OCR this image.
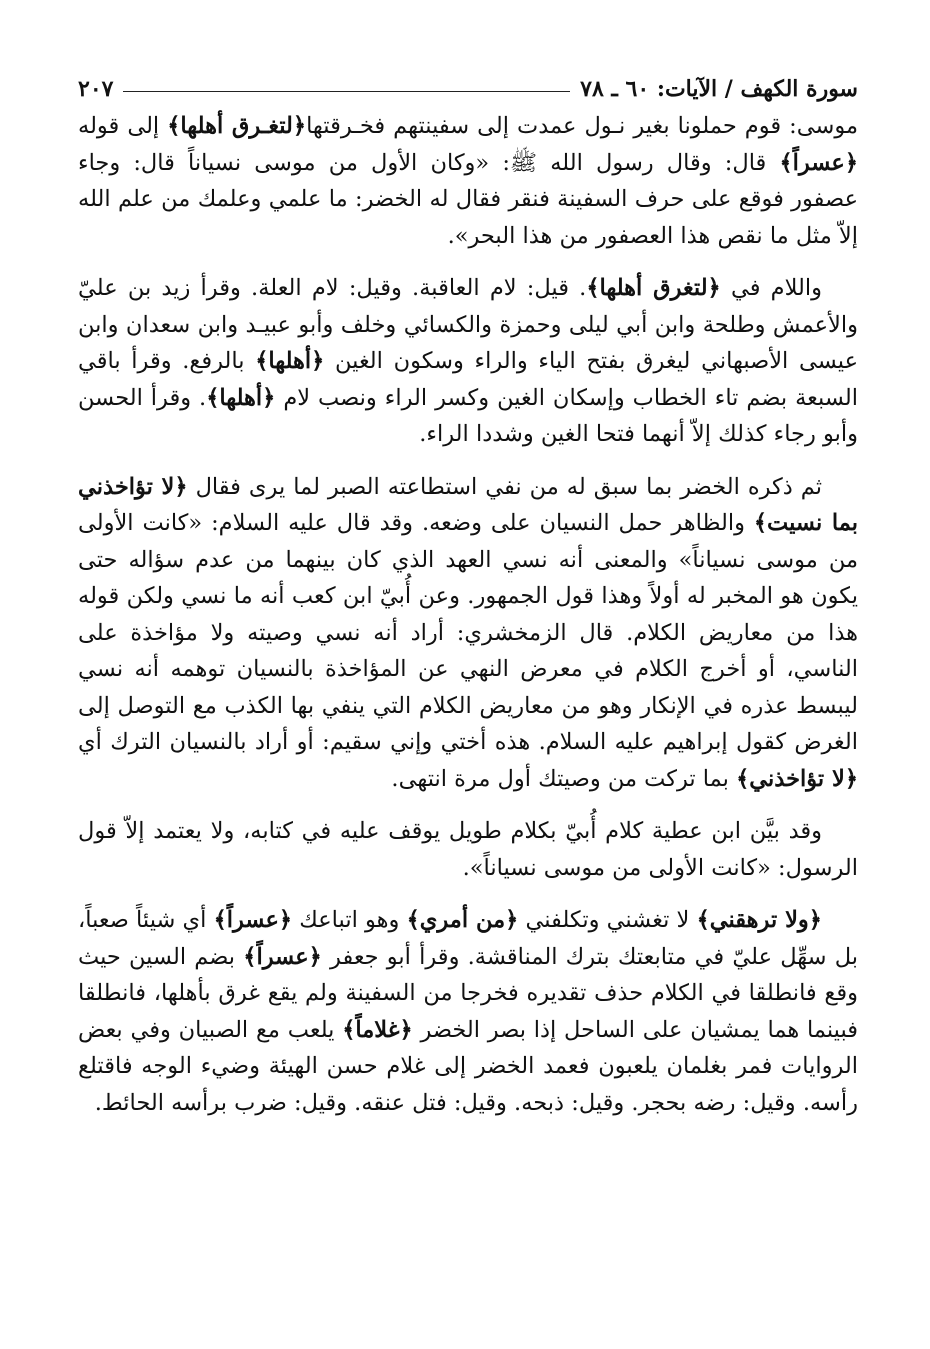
سورة الكهف / الآيات: ٦٠ ـ ٧٨
٢٠٧

موسى: قوم حملونا بغير نـول عمدت إلى سفينتهم فخـرقتها﴿لتغـرق أهلها﴾ إلى قوله ﴿عسراً﴾ قال: وقال رسول الله ﷺ: «وكان الأول من موسى نسياناً قال: وجاء عصفور فوقع على حرف السفينة فنقر فقال له الخضر: ما علمي وعلمك من علم الله إلاّ مثل ما نقص هذا العصفور من هذا البحر».

واللام في ﴿لتغرق أهلها﴾. قيل: لام العاقبة. وقيل: لام العلة. وقرأ زيد بن عليّ والأعمش وطلحة وابن أبي ليلى وحمزة والكسائي وخلف وأبو عبيـد وابن سعدان وابن عيسى الأصبهاني ليغرق بفتح الياء والراء وسكون الغين ﴿أهلها﴾ بالرفع. وقرأ باقي السبعة بضم تاء الخطاب وإسكان الغين وكسر الراء ونصب لام ﴿أهلها﴾. وقرأ الحسن وأبو رجاء كذلك إلاّ أنهما فتحا الغين وشددا الراء.

ثم ذكره الخضر بما سبق له من نفي استطاعته الصبر لما يرى فقال ﴿لا تؤاخذني بما نسيت﴾ والظاهر حمل النسيان على وضعه. وقد قال عليه السلام: «كانت الأولى من موسى نسياناً» والمعنى أنه نسي العهد الذي كان بينهما من عدم سؤاله حتى يكون هو المخبر له أولاً وهذا قول الجمهور. وعن أُبيّ ابن كعب أنه ما نسي ولكن قوله هذا من معاريض الكلام. قال الزمخشري: أراد أنه نسي وصيته ولا مؤاخذة على الناسي، أو أخرج الكلام في معرض النهي عن المؤاخذة بالنسيان توهمه أنه نسي ليبسط عذره في الإنكار وهو من معاريض الكلام التي ينفي بها الكذب مع التوصل إلى الغرض كقول إبراهيم عليه السلام. هذه أختي وإني سقيم: أو أراد بالنسيان الترك أي ﴿لا تؤاخذني﴾ بما تركت من وصيتك أول مرة انتهى.

وقد بيَّن ابن عطية كلام أُبيّ بكلام طويل يوقف عليه في كتابه، ولا يعتمد إلاّ قول الرسول: «كانت الأولى من موسى نسياناً».

﴿ولا ترهقني﴾ لا تغشني وتكلفني ﴿من أمري﴾ وهو اتباعك ﴿عسراً﴾ أي شيئاً صعباً، بل سهِّل عليّ في متابعتك بترك المناقشة. وقرأ أبو جعفر ﴿عسراً﴾ بضم السين حيث وقع فانطلقا في الكلام حذف تقديره فخرجا من السفينة ولم يقع غرق بأهلها، فانطلقا فبينما هما يمشيان على الساحل إذا بصر الخضر ﴿غلاماً﴾ يلعب مع الصبيان وفي بعض الروايات فمر بغلمان يلعبون فعمد الخضر إلى غلام حسن الهيئة وضيء الوجه فاقتلع رأسه. وقيل: رضه بحجر. وقيل: ذبحه. وقيل: فتل عنقه. وقيل: ضرب برأسه الحائط.
